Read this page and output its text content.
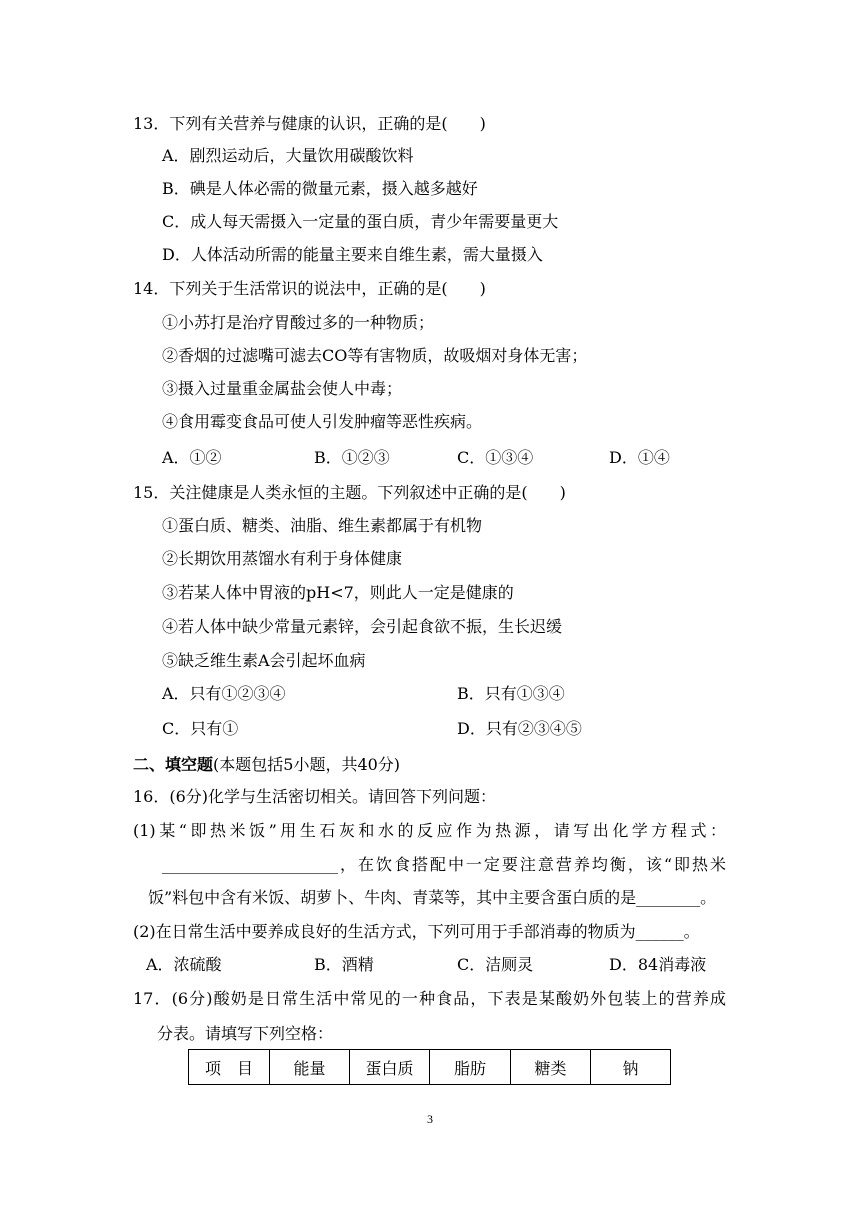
13．下列有关营养与健康的认识，正确的是(　　)
A．剧烈运动后，大量饮用碳酸饮料
B．碘是人体必需的微量元素，摄入越多越好
C．成人每天需摄入一定量的蛋白质，青少年需要量更大
D．人体活动所需的能量主要来自维生素，需大量摄入
14．下列关于生活常识的说法中，正确的是(　　)
①小苏打是治疗胃酸过多的一种物质；
②香烟的过滤嘴可滤去CO等有害物质，故吸烟对身体无害；
③摄入过量重金属盐会使人中毒；
④食用霉变食品可使人引发肿瘤等恶性疾病。
A．①②	B．①②③	C．①③④	D．①④
15．关注健康是人类永恒的主题。下列叙述中正确的是(　　)
①蛋白质、糖类、油脂、维生素都属于有机物
②长期饮用蒸馏水有利于身体健康
③若某人体中胃液的pH<7，则此人一定是健康的
④若人体中缺少常量元素锌，会引起食欲不振，生长迟缓
⑤缺乏维生素A会引起坏血病
A．只有①②③④	B．只有①③④
C．只有①	D．只有②③④⑤
二、填空题(本题包括5小题，共40分)
16．(6分)化学与生活密切相关。请回答下列问题：
(1)某“即热米饭”用生石灰和水的反应作为热源，请写出化学方程式：
______________________，在饮食搭配中一定要注意营养均衡，该“即热米
饭”料包中含有米饭、胡萝卜、牛肉、青菜等，其中主要含蛋白质的是________。
(2)在日常生活中要养成良好的生活方式，下列可用于手部消毒的物质为______。
A．浓硫酸	B．酒精	C．洁厕灵	D．84消毒液
17．(6分)酸奶是日常生活中常见的一种食品，下表是某酸奶外包装上的营养成
分表。请填写下列空格：
项　目	能量	蛋白质	脂肪	糖类	钠
3
